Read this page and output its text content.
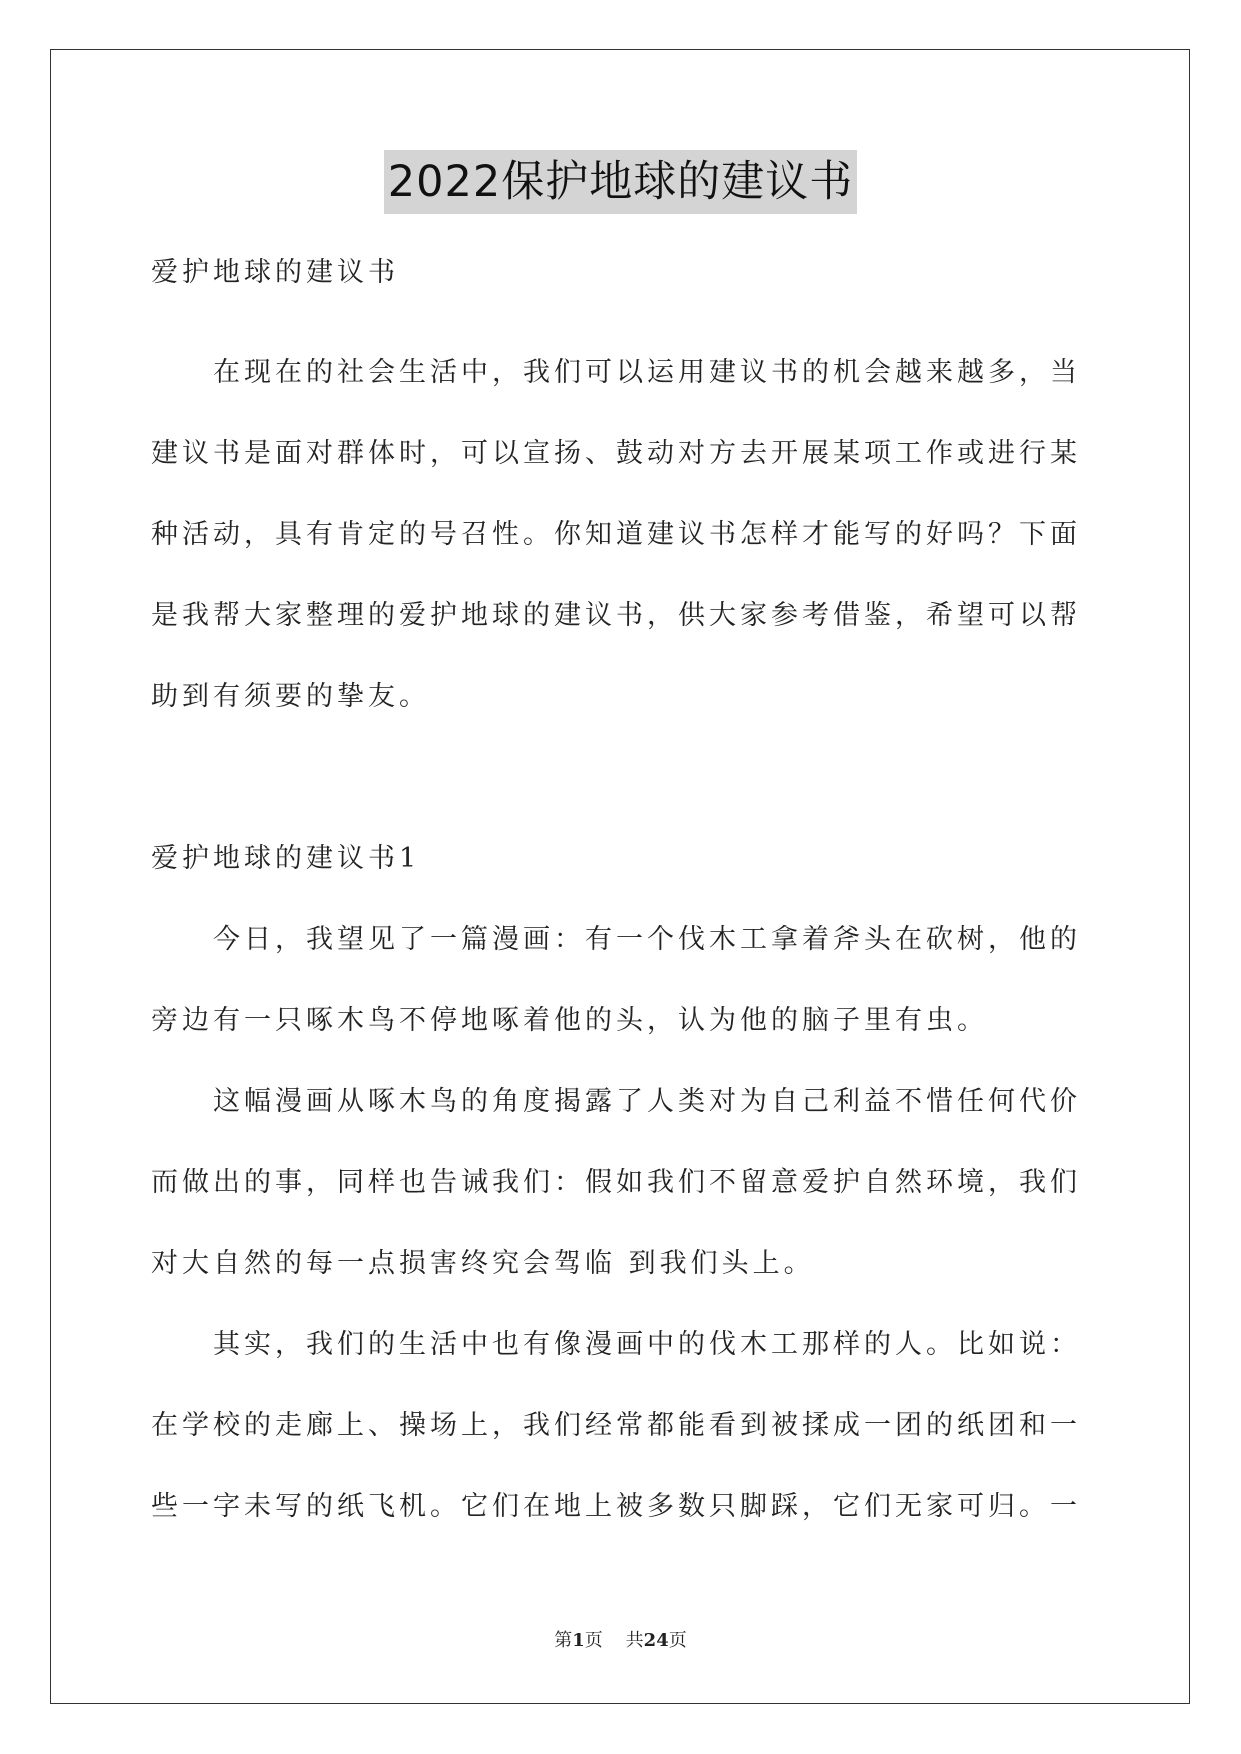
2022保护地球的建议书

爱护地球的建议书

在现在的社会生活中，我们可以运用建议书的机会越来越多，当

建议书是面对群体时，可以宣扬、鼓动对方去开展某项工作或进行某

种活动，具有肯定的号召性。你知道建议书怎样才能写的好吗？下面

是我帮大家整理的爱护地球的建议书，供大家参考借鉴，希望可以帮

助到有须要的挚友。

爱护地球的建议书1

今日，我望见了一篇漫画：有一个伐木工拿着斧头在砍树，他的

旁边有一只啄木鸟不停地啄着他的头，认为他的脑子里有虫。

这幅漫画从啄木鸟的角度揭露了人类对为自己利益不惜任何代价

而做出的事，同样也告诫我们：假如我们不留意爱护自然环境，我们

对大自然的每一点损害终究会驾临 到我们头上。

其实，我们的生活中也有像漫画中的伐木工那样的人。比如说：

在学校的走廊上、操场上，我们经常都能看到被揉成一团的纸团和一

些一字未写的纸飞机。它们在地上被多数只脚踩，它们无家可归。一

第1页 共24页
